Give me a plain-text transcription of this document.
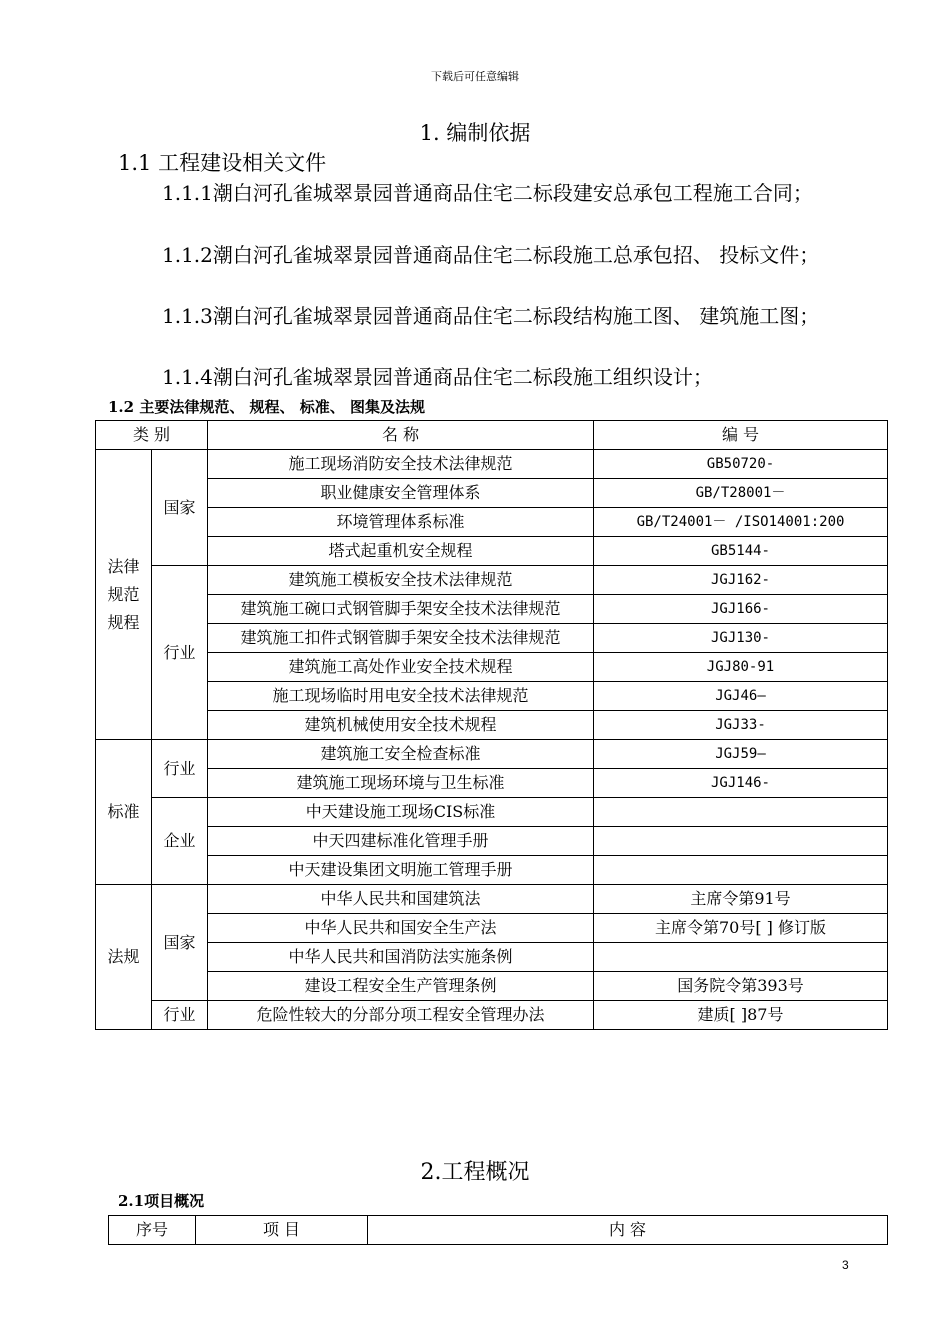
下载后可任意编辑
1. 编制依据
1.1 工程建设相关文件
1.1.1潮白河孔雀城翠景园普通商品住宅二标段建安总承包工程施工合同；
1.1.2潮白河孔雀城翠景园普通商品住宅二标段施工总承包招、 投标文件；
1.1.3潮白河孔雀城翠景园普通商品住宅二标段结构施工图、 建筑施工图；
1.1.4潮白河孔雀城翠景园普通商品住宅二标段施工组织设计；
1.2 主要法律规范、 规程、 标准、 图集及法规
类 别		名 称	编 号
法律
规范
规程	国家	施工现场消防安全技术法律规范	GB50720-
		职业健康安全管理体系	GB/T28001－
		环境管理体系标准	GB/T24001－ /ISO14001:200
		塔式起重机安全规程	GB5144-
	行业	建筑施工模板安全技术法律规范	JGJ162-
		建筑施工碗口式钢管脚手架安全技术法律规范	JGJ166-
		建筑施工扣件式钢管脚手架安全技术法律规范	JGJ130-
		建筑施工高处作业安全技术规程	JGJ80-91
		施工现场临时用电安全技术法律规范	JGJ46—
		建筑机械使用安全技术规程	JGJ33-
标准	行业	建筑施工安全检查标准	JGJ59—
		建筑施工现场环境与卫生标准	JGJ146-
	企业	中天建设施工现场CIS标准	
		中天四建标准化管理手册	
		中天建设集团文明施工管理手册	
法规	国家	中华人民共和国建筑法	主席令第91号
		中华人民共和国安全生产法	主席令第70号[ ] 修订版
		中华人民共和国消防法实施条例	
		建设工程安全生产管理条例	国务院令第393号
	行业	危险性较大的分部分项工程安全管理办法	建质[ ]87号
2.工程概况
2.1项目概况
序号	项 目	内 容
3
